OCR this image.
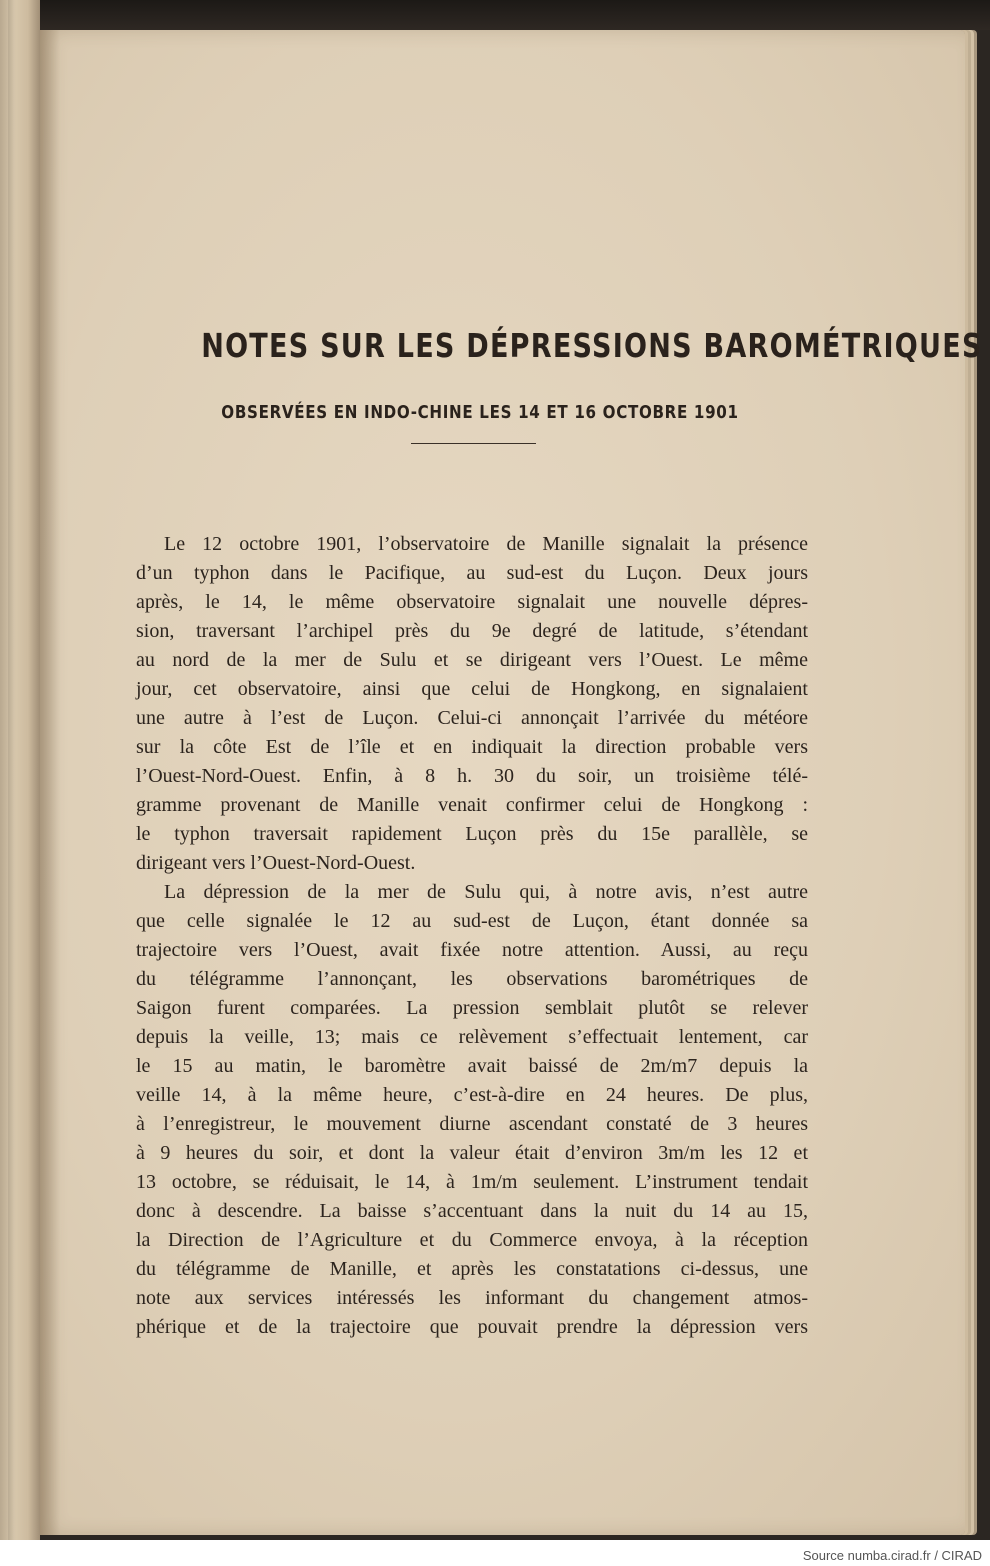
NOTES SUR LES DÉPRESSIONS BAROMÉTRIQUES
OBSERVÉES EN INDO-CHINE LES 14 ET 16 OCTOBRE 1901
Le 12 octobre 1901, l’observatoire de Manille signalait la présence
d’un typhon dans le Pacifique, au sud-est du Luçon. Deux jours
après, le 14, le même observatoire signalait une nouvelle dépres-
sion, traversant l’archipel près du 9e degré de latitude, s’étendant
au nord de la mer de Sulu et se dirigeant vers l’Ouest. Le même
jour, cet observatoire, ainsi que celui de Hongkong, en signalaient
une autre à l’est de Luçon. Celui-ci annonçait l’arrivée du météore
sur la côte Est de l’île et en indiquait la direction probable vers
l’Ouest-Nord-Ouest. Enfin, à 8 h. 30 du soir, un troisième télé-
gramme provenant de Manille venait confirmer celui de Hongkong :
le typhon traversait rapidement Luçon près du 15e parallèle, se
dirigeant vers l’Ouest-Nord-Ouest.
La dépression de la mer de Sulu qui, à notre avis, n’est autre
que celle signalée le 12 au sud-est de Luçon, étant donnée sa
trajectoire vers l’Ouest, avait fixée notre attention. Aussi, au reçu
du télégramme l’annonçant, les observations barométriques de
Saigon furent comparées. La pression semblait plutôt se relever
depuis la veille, 13; mais ce relèvement s’effectuait lentement, car
le 15 au matin, le baromètre avait baissé de 2m/m7 depuis la
veille 14, à la même heure, c’est-à-dire en 24 heures. De plus,
à l’enregistreur, le mouvement diurne ascendant constaté de 3 heures
à 9 heures du soir, et dont la valeur était d’environ 3m/m les 12 et
13 octobre, se réduisait, le 14, à 1m/m seulement. L’instrument tendait
donc à descendre. La baisse s’accentuant dans la nuit du 14 au 15,
la Direction de l’Agriculture et du Commerce envoya, à la réception
du télégramme de Manille, et après les constatations ci-dessus, une
note aux services intéressés les informant du changement atmos-
phérique et de la trajectoire que pouvait prendre la dépression vers
Source numba.cirad.fr / CIRAD
